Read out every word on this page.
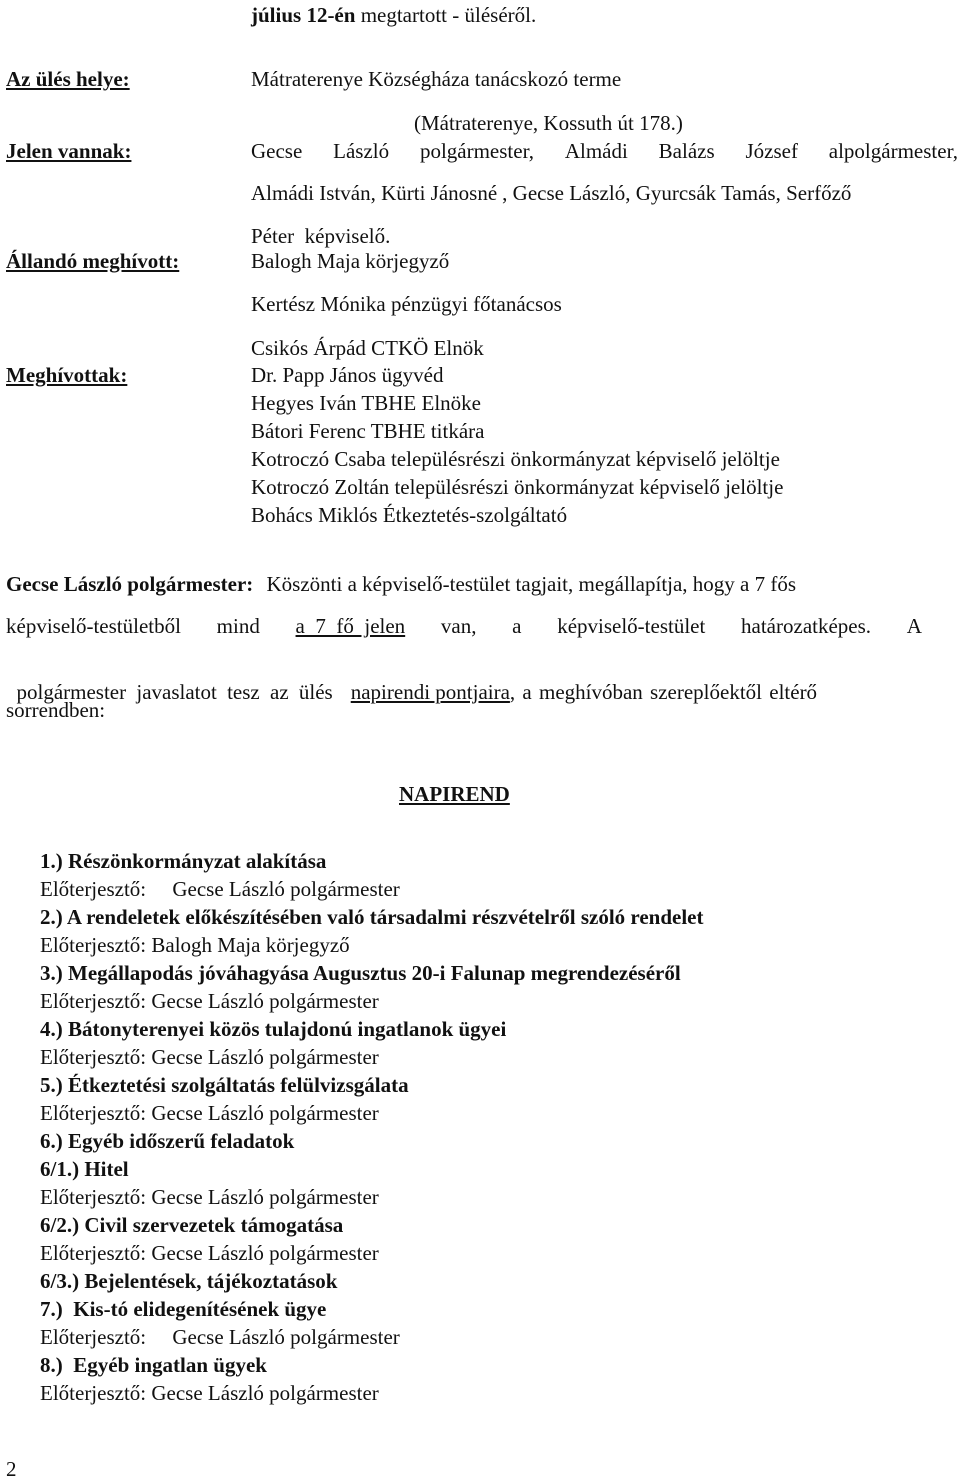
július 12-én megtartott - üléséről.
Az ülés helye:
Jelen vannak:
Állandó meghívott:
Meghívottak:
Mátraterenye Községháza tanácskozó terme
(Mátraterenye, Kossuth út 178.)
Gecse László polgármester, Almádi Balázs József alpolgármester,
Almádi István, Kürti Jánosné , Gecse László, Gyurcsák Tamás, Serfőző
Péter  képviselő.
Balogh Maja körjegyző
Kertész Mónika pénzügyi főtanácsos
Csikós Árpád CTKÖ Elnök
Dr. Papp János ügyvéd
Hegyes Iván TBHE Elnöke
Bátori Ferenc TBHE titkára
Kotroczó Csaba településrészi önkormányzat képviselő jelöltje
Kotroczó Zoltán településrészi önkormányzat képviselő jelöltje
Bohács Miklós Étkeztetés-szolgáltató
Gecse László polgármester: Köszönti a képviselő-testület tagjait, megállapítja, hogy a 7 fős
képviselő-testületből mind a  7  fő  jelen van, a képviselő-testület határozatképes. A

polgármester javaslatot tesz az ülés napirendi pontjaira, a meghívóban szereplőektől eltérő

sorrendben:
NAPIREND
1.) Részönkormányzat alakítása
Előterjesztő:     Gecse László polgármester
2.) A rendeletek előkészítésében való társadalmi részvételről szóló rendelet
Előterjesztő: Balogh Maja körjegyző
3.) Megállapodás jóváhagyása Augusztus 20-i Falunap megrendezéséről
Előterjesztő: Gecse László polgármester
4.) Bátonyterenyei közös tulajdonú ingatlanok ügyei
Előterjesztő: Gecse László polgármester
5.) Étkeztetési szolgáltatás felülvizsgálata
Előterjesztő: Gecse László polgármester
6.) Egyéb időszerű feladatok
6/1.) Hitel
Előterjesztő: Gecse László polgármester
6/2.) Civil szervezetek támogatása
Előterjesztő: Gecse László polgármester
6/3.) Bejelentések, tájékoztatások
7.)  Kis-tó elidegenítésének ügye
Előterjesztő:     Gecse László polgármester
8.)  Egyéb ingatlan ügyek
Előterjesztő: Gecse László polgármester
2
